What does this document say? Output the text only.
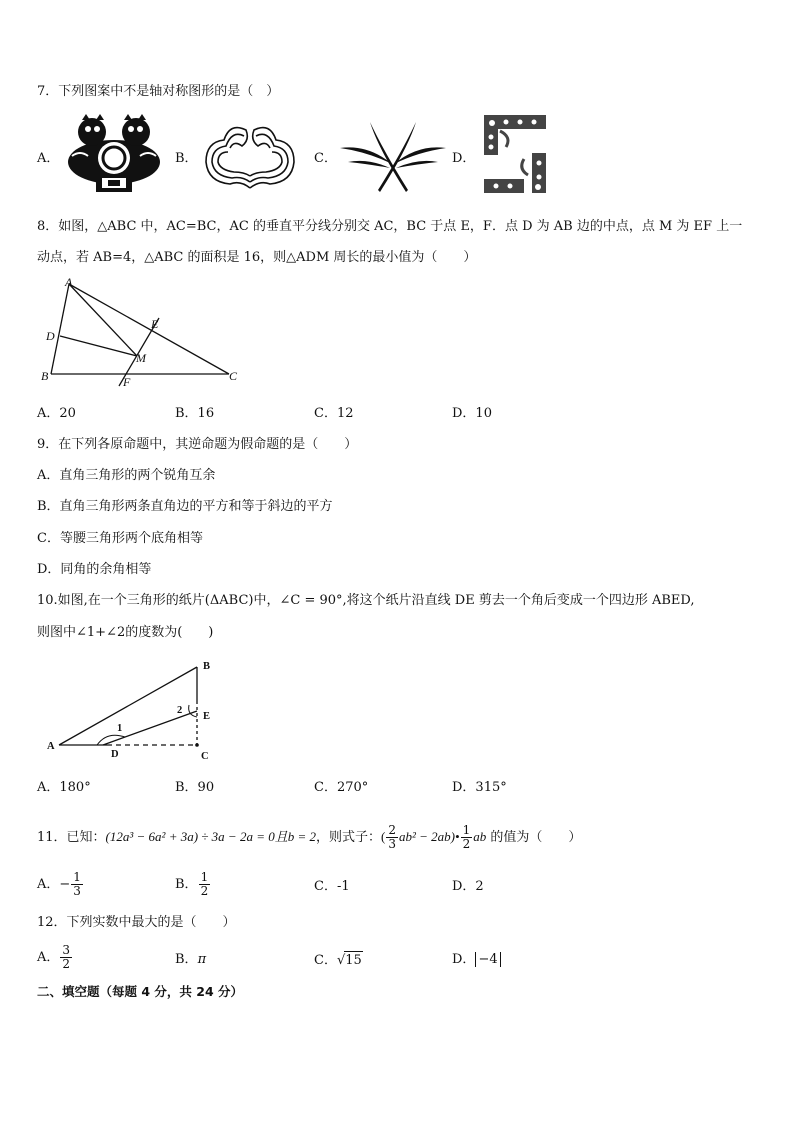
7．下列图案中不是轴对称图形的是（　）
A．	B．	C．	D．
8．如图，△ABC 中，AC=BC，AC 的垂直平分线分别交 AC，BC 于点 E，F．点 D 为 AB 边的中点，点 M 为 EF 上一
动点，若 AB=4，△ABC 的面积是 16，则△ADM 周长的最小值为（　　）
A
D
B
E
M
F	C
A．20	B．16	C．12	D．10
9．在下列各原命题中，其逆命题为假命题的是（　　）
A．直角三角形的两个锐角互余
B．直角三角形两条直角边的平方和等于斜边的平方
C．等腰三角形两个底角相等
D．同角的余角相等
10.如图,在一个三角形的纸片(ΔABC)中，∠C = 90°,将这个纸片沿直线 DE 剪去一个角后变成一个四边形 ABED,
则图中∠1+∠2的度数为(　　)
B
2
E
1
A
D	C
A．180°	B．90	C．270°	D．315°
11．已知：(12a³ − 6a² + 3a) ÷ 3a − 2a = 0且b = 2，则式子：( $\frac{2}{3} ab^2$ − 2ab)• $\frac{1}{2}$ ab 的值为（　　）
A．− $\frac{1}{3}$	B． $\frac{1}{2}$	C．-1	D．2
12．下列实数中最大的是（　　）
A． $\frac{3}{2}$	B．π	C．√15	D． −4
二、填空题（每题 4 分，共 24 分）
